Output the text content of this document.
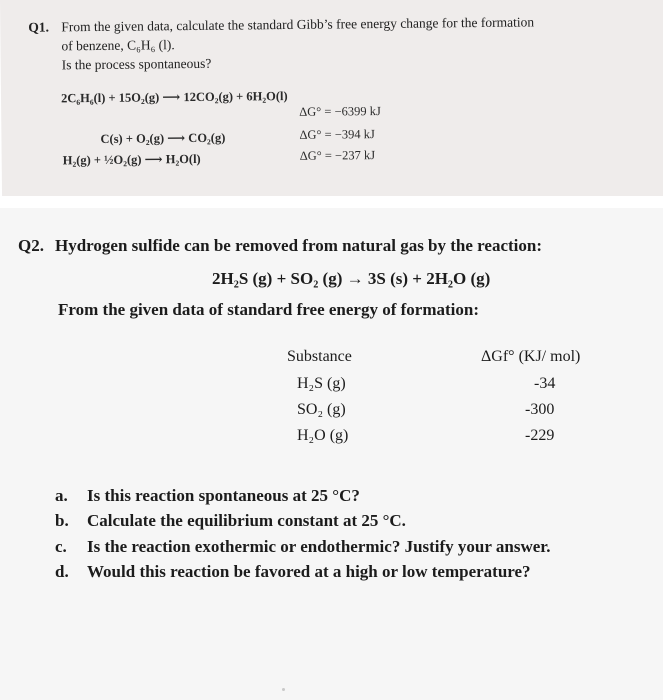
Q1. From the given data, calculate the standard Gibb’s free energy change for the formation
of benzene, C₆H₆ (l).
Is the process spontaneous?
2C₆H₆(l) + 15O₂(g) ⟶ 12CO₂(g) + 6H₂O(l)
ΔG° = −6399 kJ
C(s) + O₂(g) ⟶ CO₂(g)	ΔG° = −394 kJ
H₂(g) + ½O₂(g) ⟶ H₂O(l)	ΔG° = −237 kJ
Q2. Hydrogen sulfide can be removed from natural gas by the reaction:
2H₂S (g) + SO₂ (g) → 3S (s) + 2H₂O (g)
From the given data of standard free energy of formation:
Substance	ΔGf° (KJ/ mol)
H₂S (g)	-34
SO₂ (g)	-300
H₂O (g)	-229
a. Is this reaction spontaneous at 25 °C?
b. Calculate the equilibrium constant at 25 °C.
c. Is the reaction exothermic or endothermic? Justify your answer.
d. Would this reaction be favored at a high or low temperature?
